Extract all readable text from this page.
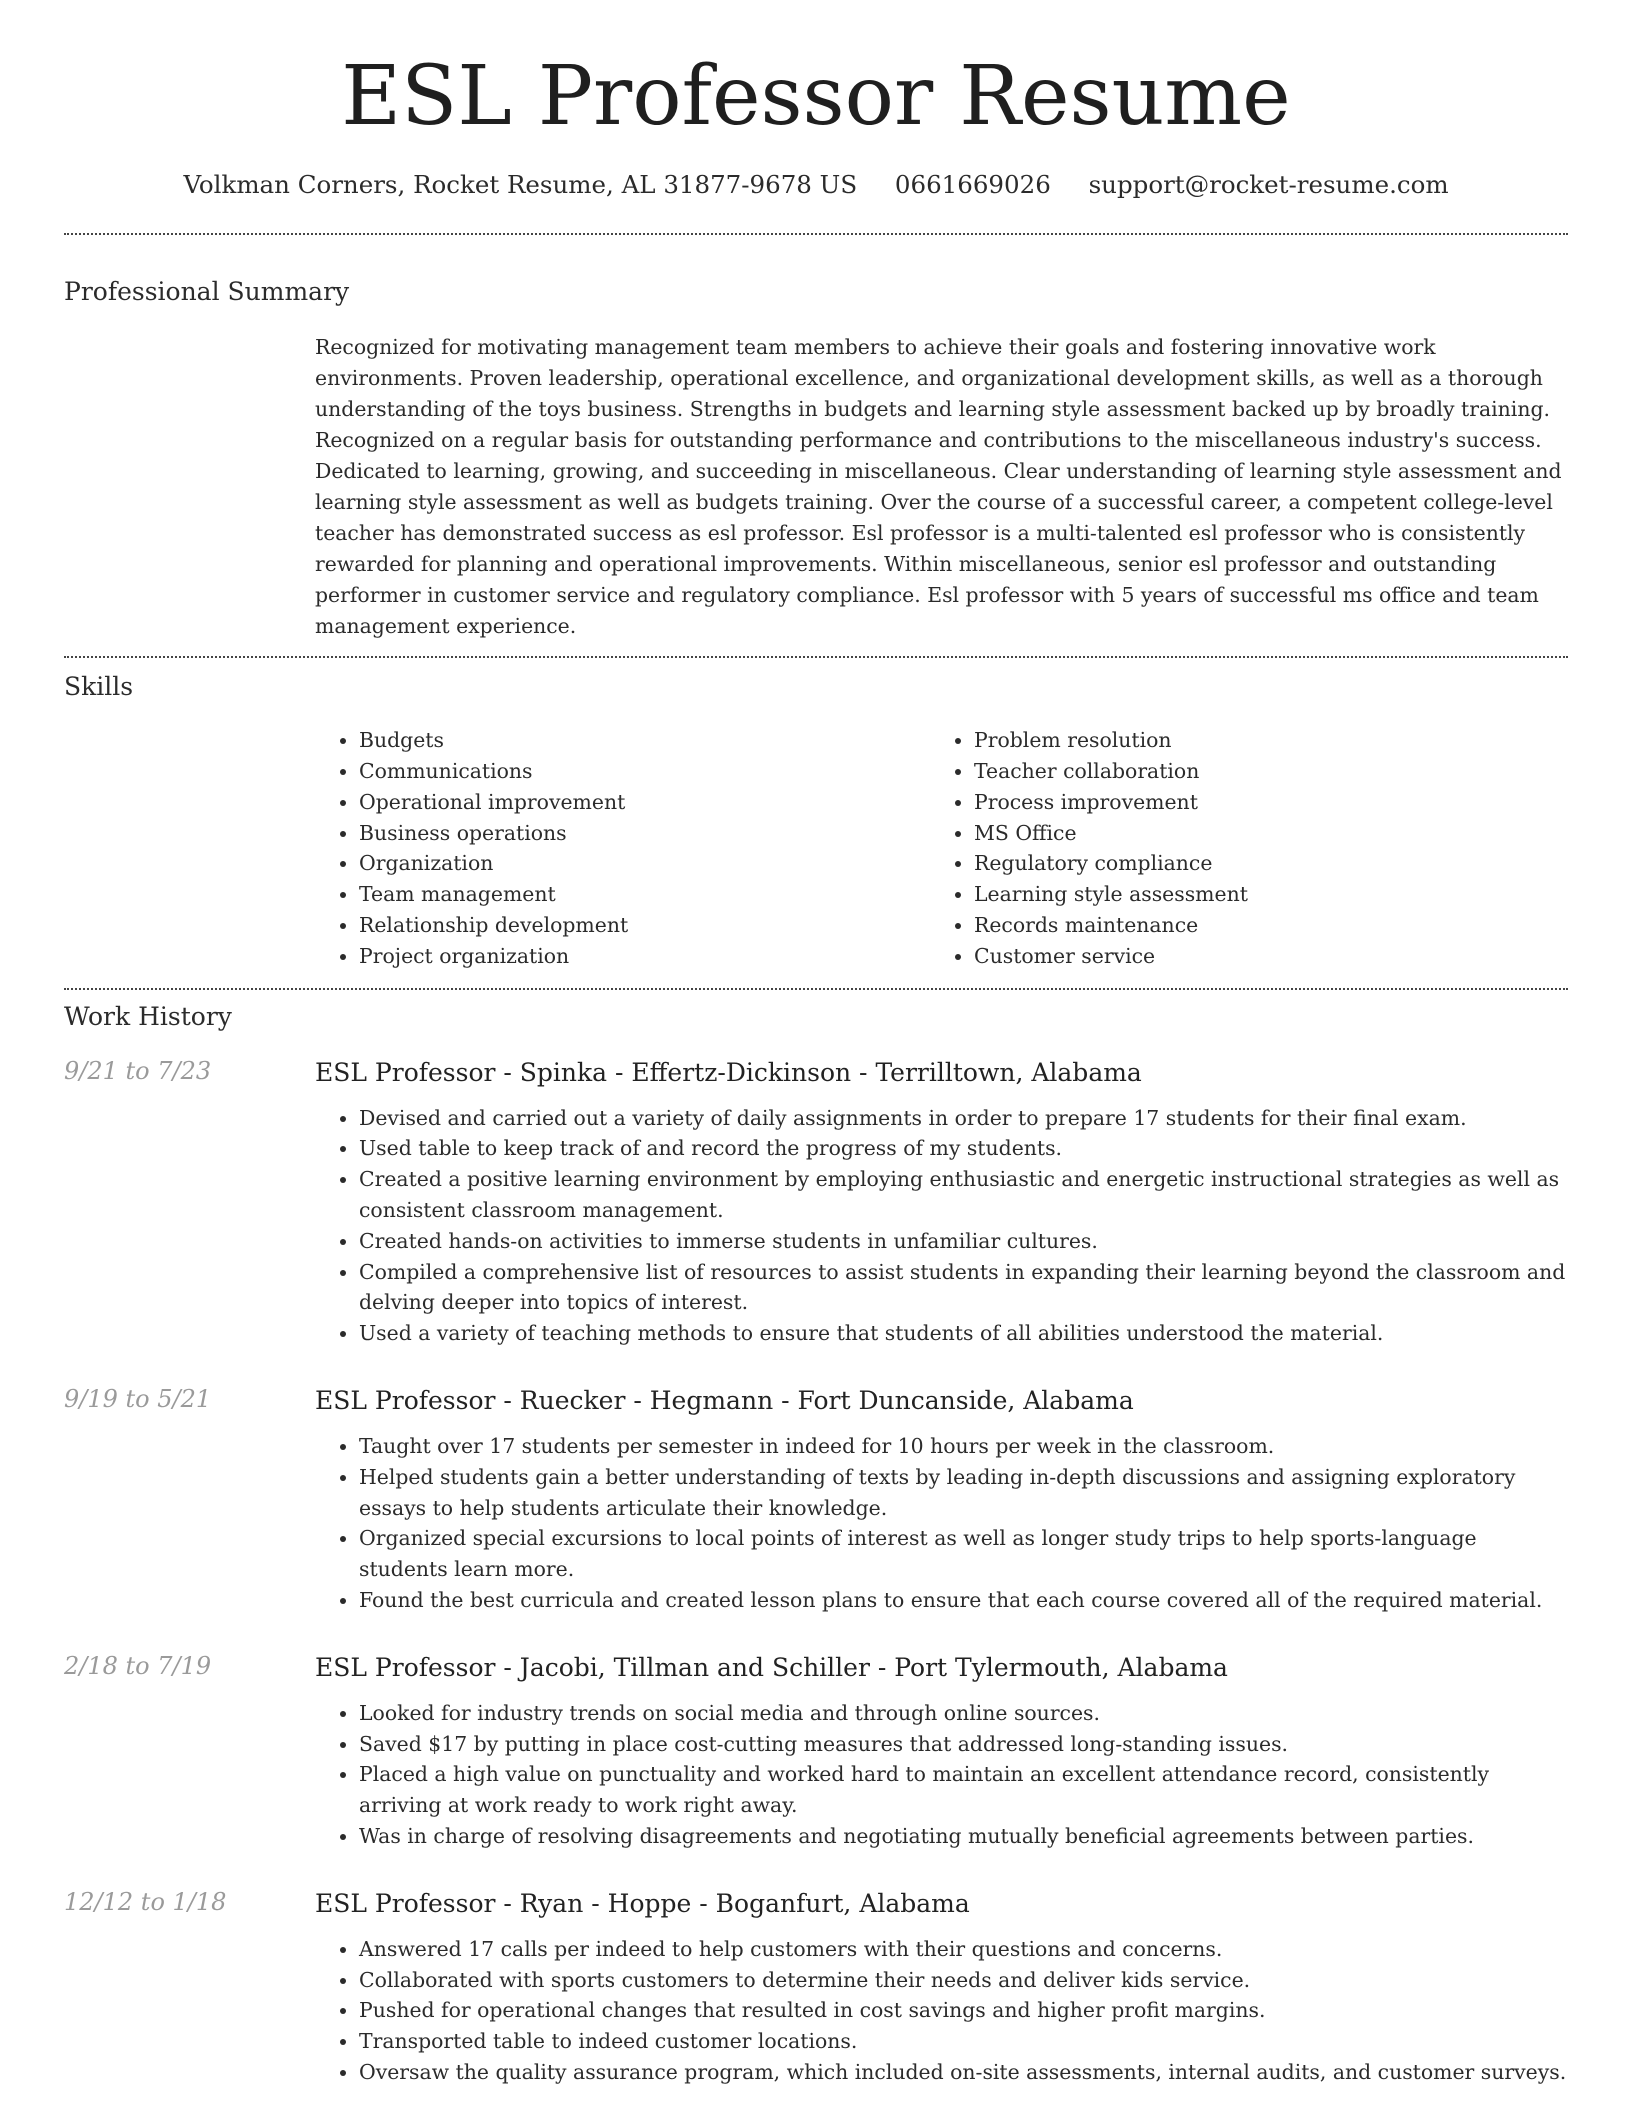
ESL Professor Resume
Volkman Corners, Rocket Resume, AL 31877-9678 US 0661669026 support@rocket-resume.com
Professional Summary

Recognized for motivating management team members to achieve their goals and fostering innovative work environments. Proven leadership, operational excellence, and organizational development skills, as well as a thorough understanding of the toys business. Strengths in budgets and learning style assessment backed up by broadly training. Recognized on a regular basis for outstanding performance and contributions to the miscellaneous industry's success. Dedicated to learning, growing, and succeeding in miscellaneous. Clear understanding of learning style assessment and learning style assessment as well as budgets training. Over the course of a successful career, a competent college-level teacher has demonstrated success as esl professor. Esl professor is a multi-talented esl professor who is consistently rewarded for planning and operational improvements. Within miscellaneous, senior esl professor and outstanding performer in customer service and regulatory compliance. Esl professor with 5 years of successful ms office and team management experience.

Skills
• Budgets
• Communications
• Operational improvement
• Business operations
• Organization
• Team management
• Relationship development
• Project organization
• Problem resolution
• Teacher collaboration
• Process improvement
• MS Office
• Regulatory compliance
• Learning style assessment
• Records maintenance
• Customer service
Work History
9/21 to 7/23	ESL Professor - Spinka - Effertz-Dickinson - Terrilltown, Alabama
• Devised and carried out a variety of daily assignments in order to prepare 17 students for their final exam.
• Used table to keep track of and record the progress of my students.
• Created a positive learning environment by employing enthusiastic and energetic instructional strategies as well as consistent classroom management.
• Created hands-on activities to immerse students in unfamiliar cultures.
• Compiled a comprehensive list of resources to assist students in expanding their learning beyond the classroom and delving deeper into topics of interest.
• Used a variety of teaching methods to ensure that students of all abilities understood the material.
9/19 to 5/21	ESL Professor - Ruecker - Hegmann - Fort Duncanside, Alabama
• Taught over 17 students per semester in indeed for 10 hours per week in the classroom.
• Helped students gain a better understanding of texts by leading in-depth discussions and assigning exploratory essays to help students articulate their knowledge.
• Organized special excursions to local points of interest as well as longer study trips to help sports-language students learn more.
• Found the best curricula and created lesson plans to ensure that each course covered all of the required material.
2/18 to 7/19	ESL Professor - Jacobi, Tillman and Schiller - Port Tylermouth, Alabama
• Looked for industry trends on social media and through online sources.
• Saved $17 by putting in place cost-cutting measures that addressed long-standing issues.
• Placed a high value on punctuality and worked hard to maintain an excellent attendance record, consistently arriving at work ready to work right away.
• Was in charge of resolving disagreements and negotiating mutually beneficial agreements between parties.
12/12 to 1/18	ESL Professor - Ryan - Hoppe - Boganfurt, Alabama
• Answered 17 calls per indeed to help customers with their questions and concerns.
• Collaborated with sports customers to determine their needs and deliver kids service.
• Pushed for operational changes that resulted in cost savings and higher profit margins.
• Transported table to indeed customer locations.
• Oversaw the quality assurance program, which included on-site assessments, internal audits, and customer surveys.
